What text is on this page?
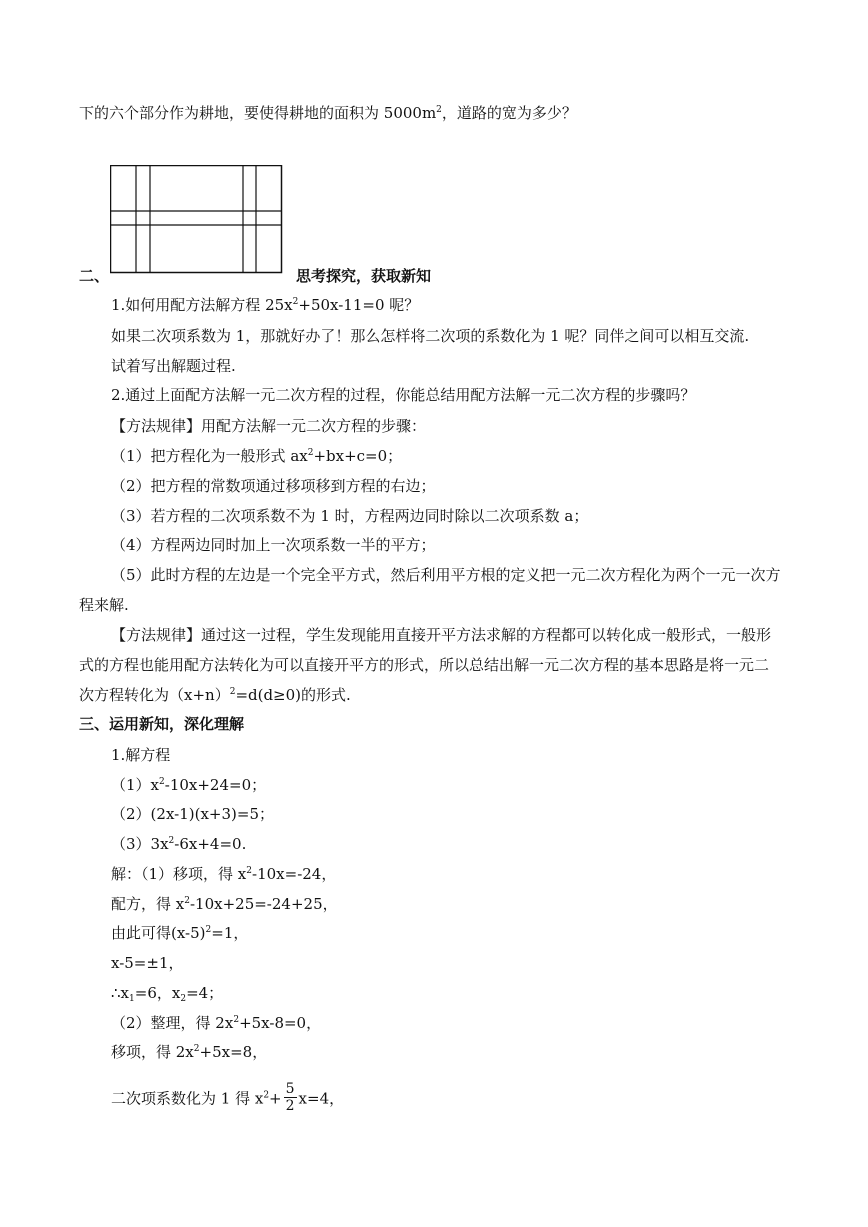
下的六个部分作为耕地，要使得耕地的面积为 $5000m^2$，道路的宽为多少？
二、	思考探究，获取新知
1.如何用配方法解方程 $25x^2+50x-11=0$ 呢？
如果二次项系数为 1，那就好办了！那么怎样将二次项的系数化为 1 呢？同伴之间可以相互交流.
试着写出解题过程.
2.通过上面配方法解一元二次方程的过程，你能总结用配方法解一元二次方程的步骤吗？
【方法规律】用配方法解一元二次方程的步骤：
（1）把方程化为一般形式 $ax^2+bx+c=0$；
（2）把方程的常数项通过移项移到方程的右边；
（3）若方程的二次项系数不为 1 时，方程两边同时除以二次项系数 a；
（4）方程两边同时加上一次项系数一半的平方；
（5）此时方程的左边是一个完全平方式，然后利用平方根的定义把一元二次方程化为两个一元一次方
程来解.
【方法规律】通过这一过程，学生发现能用直接开平方法求解的方程都可以转化成一般形式，一般形
式的方程也能用配方法转化为可以直接开平方的形式，所以总结出解一元二次方程的基本思路是将一元二
次方程转化为$(x+n)^2=d(d\ge 0)$的形式.
三、运用新知，深化理解
1.解方程
$(1)x^2-10x+24=0$；
（2）(2x-1)(x+3)=5；
$(3)3x^2-6x+4=0$.
解：（1）移项，得 $x^2-10x=-24$，
配方，得 $x^2-10x+25=-24+25$，
由此可得$(x-5)^2=1$，
x-5=±1，
$\therefore x_1=6$，$x_2=4$；
（2）整理，得 $2x^2+5x-8=0$，
移项，得 $2x^2+5x=8$，
二次项系数化为 1 得 $x^2+ \frac{5}{2} x=4$，
